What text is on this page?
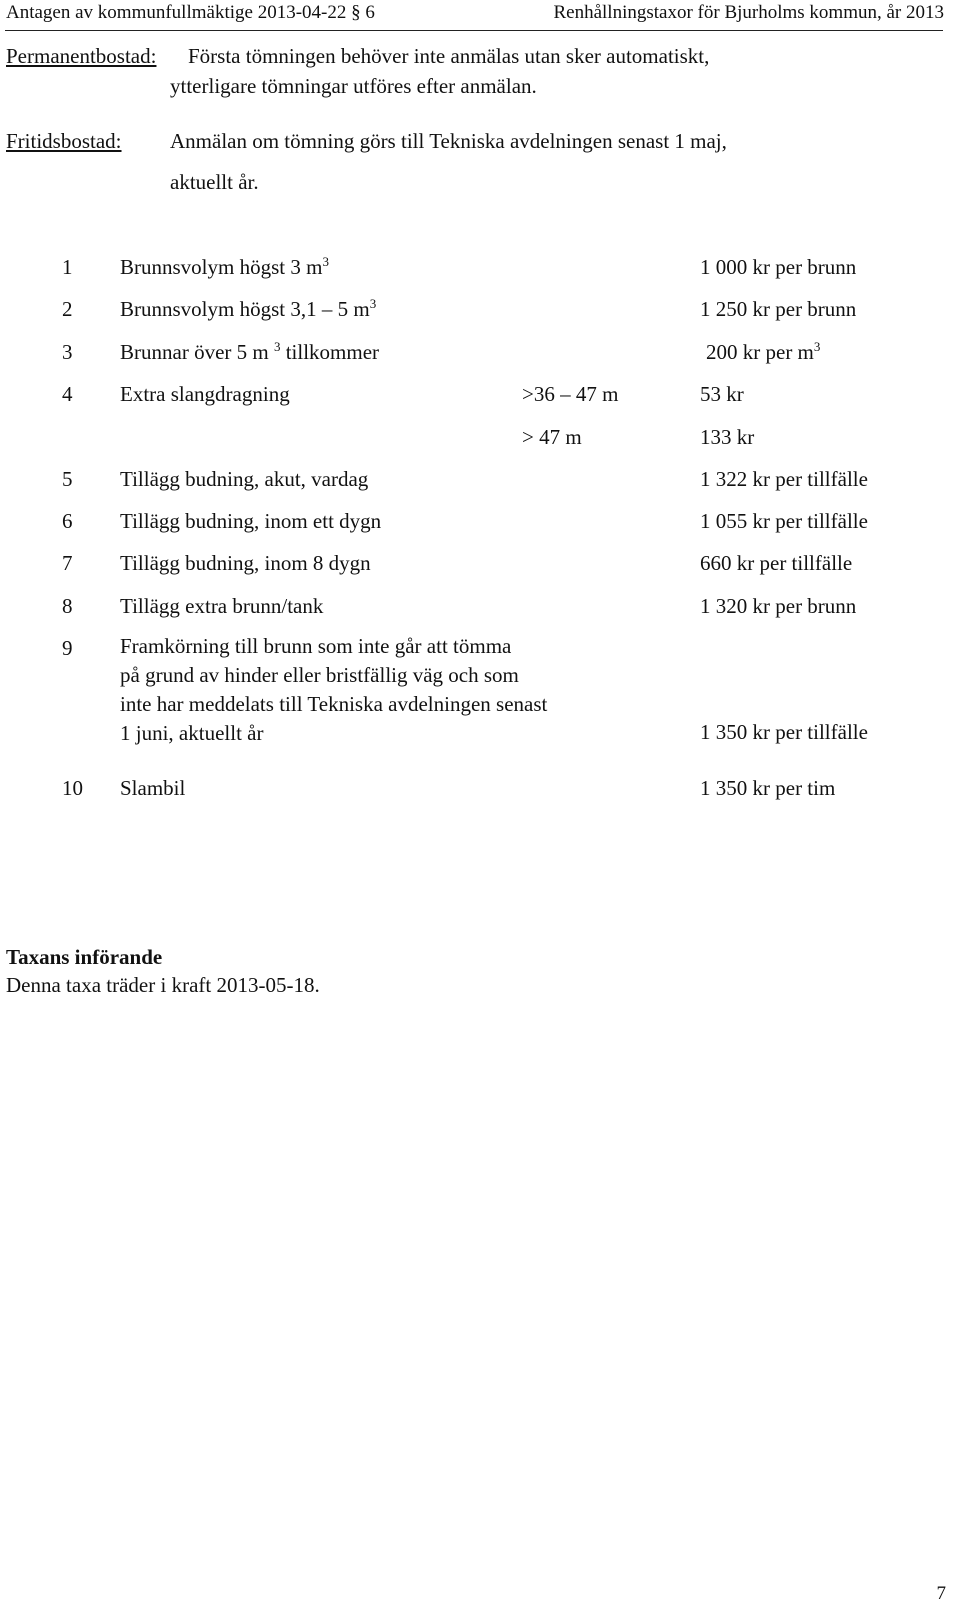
Antagen av kommunfullmäktige 2013-04-22 § 6	Renhållningstaxor för Bjurholms kommun, år 2013
Permanentbostad: Första tömningen behöver inte anmälas utan sker automatiskt,
ytterligare tömningar utföres efter anmälan.
Fritidsbostad: Anmälan om tömning görs till Tekniska avdelningen senast 1 maj,
aktuellt år.
1 Brunnsvolym högst 3 $m^3$	1 000 kr per brunn
2 Brunnsvolym högst 3,1 – 5 $m^3$	1 250 kr per brunn
3 Brunnar över 5 m $^3$ tillkommer	200 kr per $m^3$
4 Extra slangdragning	>36 – 47 m	53 kr
> 47 m	133 kr
5 Tillägg budning, akut, vardag	1 322 kr per tillfälle
6 Tillägg budning, inom ett dygn	1 055 kr per tillfälle
7 Tillägg budning, inom 8 dygn	660 kr per tillfälle
8 Tillägg extra brunn/tank	1 320 kr per brunn
9 Framkörning till brunn som inte går att tömma
på grund av hinder eller bristfällig väg och som
inte har meddelats till Tekniska avdelningen senast
1 juni, aktuellt år	1 350 kr per tillfälle
10 Slambil	1 350 kr per tim
Taxans införande
Denna taxa träder i kraft 2013-05-18.
7
